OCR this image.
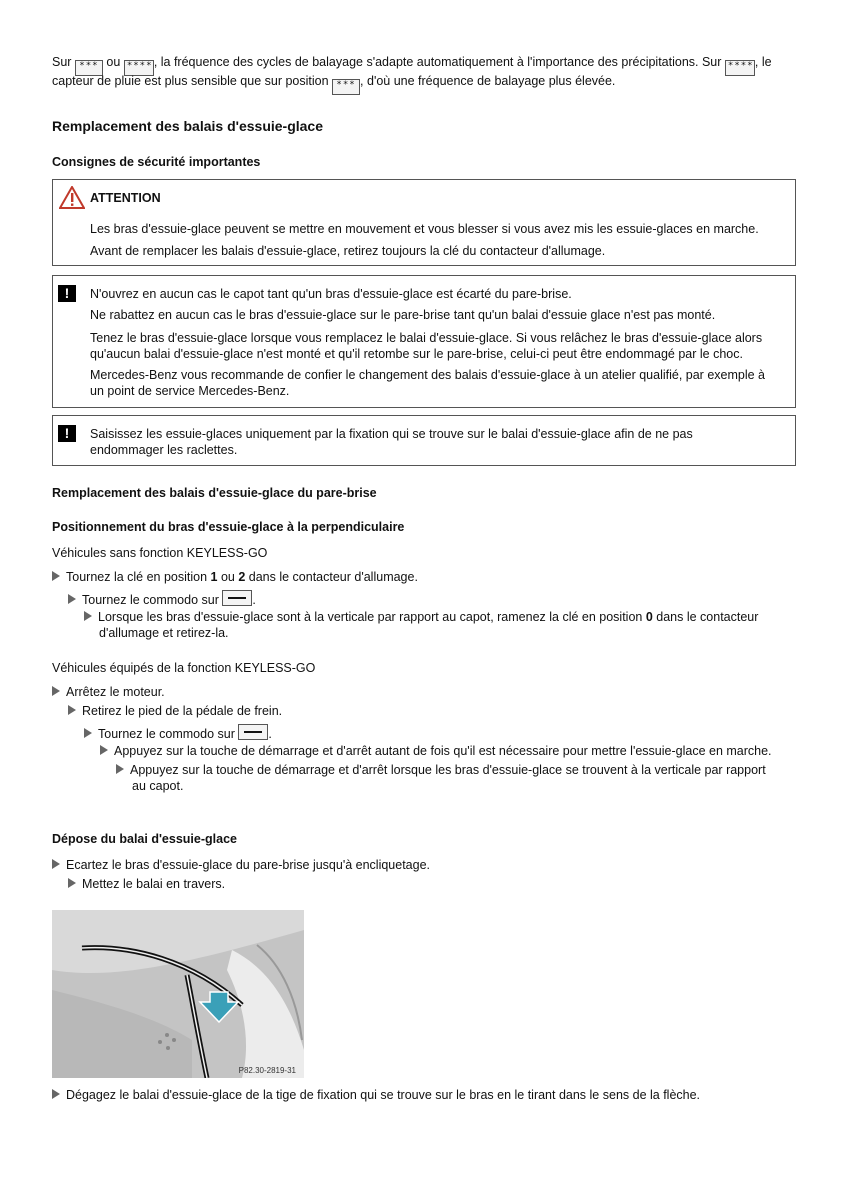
Sur *** ou ****, la fréquence des cycles de balayage s'adapte automatiquement à l'importance des précipitations. Sur ****, le
capteur de pluie est plus sensible que sur position *** , d'où une fréquence de balayage plus élevée.
Remplacement des balais d'essuie-glace
Consignes de sécurité importantes
ATTENTION
Les bras d'essuie-glace peuvent se mettre en mouvement et vous blesser si vous avez mis les essuie-glaces en marche.
Avant de remplacer les balais d'essuie-glace, retirez toujours la clé du contacteur d'allumage.
!	N'ouvrez en aucun cas le capot tant qu'un bras d'essuie-glace est écarté du pare-brise.
Ne rabattez en aucun cas le bras d'essuie-glace sur le pare-brise tant qu'un balai d'essuie glace n'est pas monté.
Tenez le bras d'essuie-glace lorsque vous remplacez le balai d'essuie-glace. Si vous relâchez le bras d'essuie-glace alors
qu'aucun balai d'essuie-glace n'est monté et qu'il retombe sur le pare-brise, celui-ci peut être endommagé par le choc.
Mercedes-Benz vous recommande de confier le changement des balais d'essuie-glace à un atelier qualifié, par exemple à
un point de service Mercedes-Benz.
!	Saisissez les essuie-glaces uniquement par la fixation qui se trouve sur le balai d'essuie-glace afin de ne pas
endommager les raclettes.
Remplacement des balais d'essuie-glace du pare-brise
Positionnement du bras d'essuie-glace à la perpendiculaire
Véhicules sans fonction KEYLESS-GO
Tournez la clé en position 1 ou 2 dans le contacteur d'allumage.
Tournez le commodo sur	.
Lorsque les bras d'essuie-glace sont à la verticale par rapport au capot, ramenez la clé en position 0 dans le contacteur
d'allumage et retirez-la.
Véhicules équipés de la fonction KEYLESS-GO
Arrêtez le moteur.
Retirez le pied de la pédale de frein.
Tournez le commodo sur	.
Appuyez sur la touche de démarrage et d'arrêt autant de fois qu'il est nécessaire pour mettre l'essuie-glace en marche.
Appuyez sur la touche de démarrage et d'arrêt lorsque les bras d'essuie-glace se trouvent à la verticale par rapport
au capot.
Dépose du balai d'essuie-glace
Ecartez le bras d'essuie-glace du pare-brise jusqu'à encliquetage.
Mettez le balai en travers.
P82.30-2819-31
Dégagez le balai d'essuie-glace de la tige de fixation qui se trouve sur le bras en le tirant dans le sens de la flèche.
